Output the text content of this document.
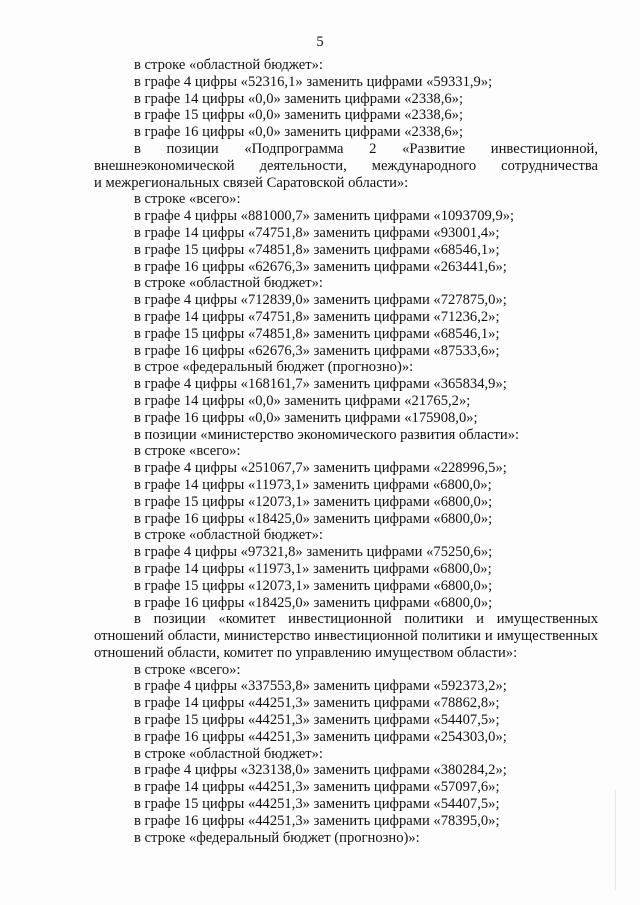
5
в строке «областной бюджет»:
в графе 4 цифры «52316,1» заменить цифрами «59331,9»;
в графе 14 цифры «0,0» заменить цифрами «2338,6»;
в графе 15 цифры «0,0» заменить цифрами «2338,6»;
в графе 16 цифры «0,0» заменить цифрами «2338,6»;
в позиции «Подпрограмма 2 «Развитие инвестиционной,
внешнеэкономической деятельности, международного сотрудничества
и межрегиональных связей Саратовской области»:
в строке «всего»:
в графе 4 цифры «881000,7» заменить цифрами «1093709,9»;
в графе 14 цифры «74751,8» заменить цифрами «93001,4»;
в графе 15 цифры «74851,8» заменить цифрами «68546,1»;
в графе 16 цифры «62676,3» заменить цифрами «263441,6»;
в строке «областной бюджет»:
в графе 4 цифры «712839,0» заменить цифрами «727875,0»;
в графе 14 цифры «74751,8» заменить цифрами «71236,2»;
в графе 15 цифры «74851,8» заменить цифрами «68546,1»;
в графе 16 цифры «62676,3» заменить цифрами «87533,6»;
в строе «федеральный бюджет (прогнозно)»:
в графе 4 цифры «168161,7» заменить цифрами «365834,9»;
в графе 14 цифры «0,0» заменить цифрами «21765,2»;
в графе 16 цифры «0,0» заменить цифрами «175908,0»;
в позиции «министерство экономического развития области»:
в строке «всего»:
в графе 4 цифры «251067,7» заменить цифрами «228996,5»;
в графе 14 цифры «11973,1» заменить цифрами «6800,0»;
в графе 15 цифры «12073,1» заменить цифрами «6800,0»;
в графе 16 цифры «18425,0» заменить цифрами «6800,0»;
в строке «областной бюджет»:
в графе 4 цифры «97321,8» заменить цифрами «75250,6»;
в графе 14 цифры «11973,1» заменить цифрами «6800,0»;
в графе 15 цифры «12073,1» заменить цифрами «6800,0»;
в графе 16 цифры «18425,0» заменить цифрами «6800,0»;
в позиции «комитет инвестиционной политики и имущественных
отношений области, министерство инвестиционной политики и имущественных
отношений области, комитет по управлению имуществом области»:
в строке «всего»:
в графе 4 цифры «337553,8» заменить цифрами «592373,2»;
в графе 14 цифры «44251,3» заменить цифрами «78862,8»;
в графе 15 цифры «44251,3» заменить цифрами «54407,5»;
в графе 16 цифры «44251,3» заменить цифрами «254303,0»;
в строке «областной бюджет»:
в графе 4 цифры «323138,0» заменить цифрами «380284,2»;
в графе 14 цифры «44251,3» заменить цифрами «57097,6»;
в графе 15 цифры «44251,3» заменить цифрами «54407,5»;
в графе 16 цифры «44251,3» заменить цифрами «78395,0»;
в строке «федеральный бюджет (прогнозно)»:
